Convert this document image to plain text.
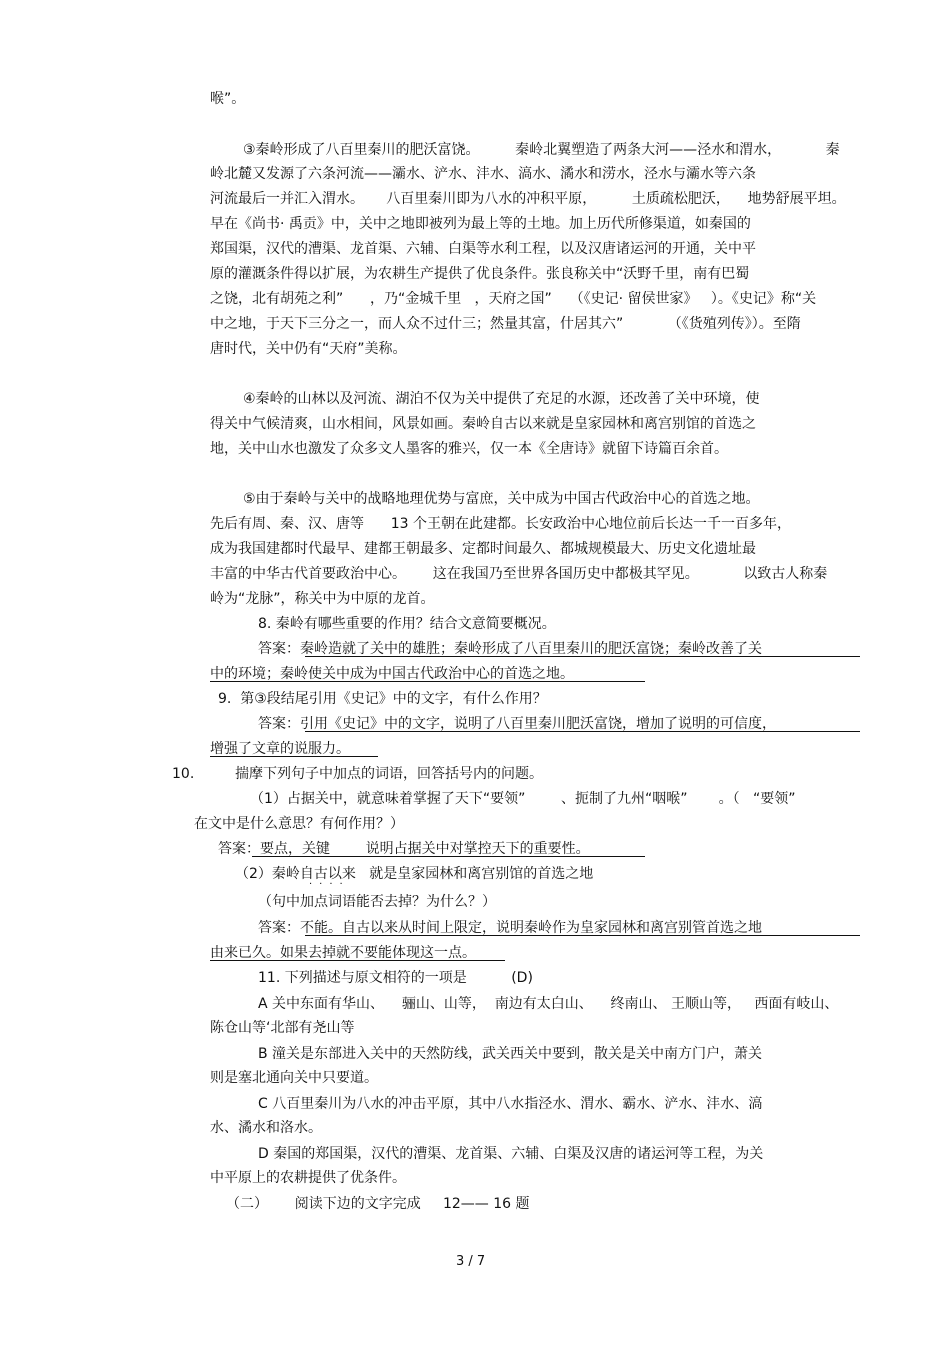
喉”。
③秦岭形成了八百里秦川的肥沃富饶。        秦岭北翼塑造了两条大河——泾水和渭水，          秦
岭北麓又发源了六条河流——灞水、浐水、沣水、滈水、潏水和涝水，泾水与灞水等六条
河流最后一并汇入渭水。     八百里秦川即为八水的冲积平原，        土质疏松肥沃，    地势舒展平坦。
早在《尚书· 禹贡》中，关中之地即被列为最上等的土地。加上历代所修渠道，如秦国的
郑国渠，汉代的漕渠、龙首渠、六辅、白渠等水利工程，以及汉唐诸运河的开通，关中平
原的灌溉条件得以扩展，为农耕生产提供了优良条件。张良称关中“沃野千里，南有巴蜀
之饶，北有胡苑之利”      ，乃“金城千里   ，天府之国”    （《史记· 留侯世家》   ）。《史记》称“关
中之地，于天下三分之一，而人众不过什三；然量其富，什居其六”          （《货殖列传》）。至隋
唐时代，关中仍有“天府”美称。
④秦岭的山林以及河流、湖泊不仅为关中提供了充足的水源，还改善了关中环境，使
得关中气候清爽，山水相间，风景如画。秦岭自古以来就是皇家园林和离宫别馆的首选之
地，关中山水也激发了众多文人墨客的雅兴，仅一本《全唐诗》就留下诗篇百余首。
⑤由于秦岭与关中的战略地理优势与富庶，关中成为中国古代政治中心的首选之地。
先后有周、秦、汉、唐等      13 个王朝在此建都。长安政治中心地位前后长达一千一百多年，
成为我国建都时代最早、建都王朝最多、定都时间最久、都城规模最大、历史文化遗址最
丰富的中华古代首要政治中心。      这在我国乃至世界各国历史中都极其罕见。          以致古人称秦
岭为“龙脉”，称关中为中原的龙首。
8. 秦岭有哪些重要的作用？结合文意简要概况。
答案：秦岭造就了关中的雄胜；秦岭形成了八百里秦川的肥沃富饶；秦岭改善了关
中的环境；秦岭使关中成为中国古代政治中心的首选之地。
9.  第③段结尾引用《史记》中的文字，有什么作用？
答案：引用《史记》中的文字，说明了八百里秦川肥沃富饶，增加了说明的可信度，
增强了文章的说服力。
10.	揣摩下列句子中加点的词语，回答括号内的问题。
（1）占据关中，就意味着掌握了天下“要领”        、扼制了九州“咽喉”       。（   “要领”
在文中是什么意思？有何作用？）
答案：要点，关键        说明占据关中对掌控天下的重要性。
（2）秦岭自古以来   就是皇家园林和离宫别馆的首选之地
····
（句中加点词语能否去掉？为什么？）
答案：不能。自古以来从时间上限定，说明秦岭作为皇家园林和离宫别管首选之地
由来已久。如果去掉就不要能体现这一点。
11. 下列描述与原文相符的一项是          (D)
A 关中东面有华山、    骊山、山等，  南边有太白山、    终南山、 王顺山等，   西面有岐山、
陈仓山等‘北部有尧山等
B 潼关是东部进入关中的天然防线，武关西关中要到，散关是关中南方门户，萧关
则是塞北通向关中只要道。
C 八百里秦川为八水的冲击平原，其中八水指泾水、渭水、霸水、浐水、沣水、滈
水、潏水和洛水。
D 秦国的郑国渠，汉代的漕渠、龙首渠、六辅、白渠及汉唐的诸运河等工程，为关
中平原上的农耕提供了优条件。
（二）      阅读下边的文字完成     12—— 16 题
3 / 7
